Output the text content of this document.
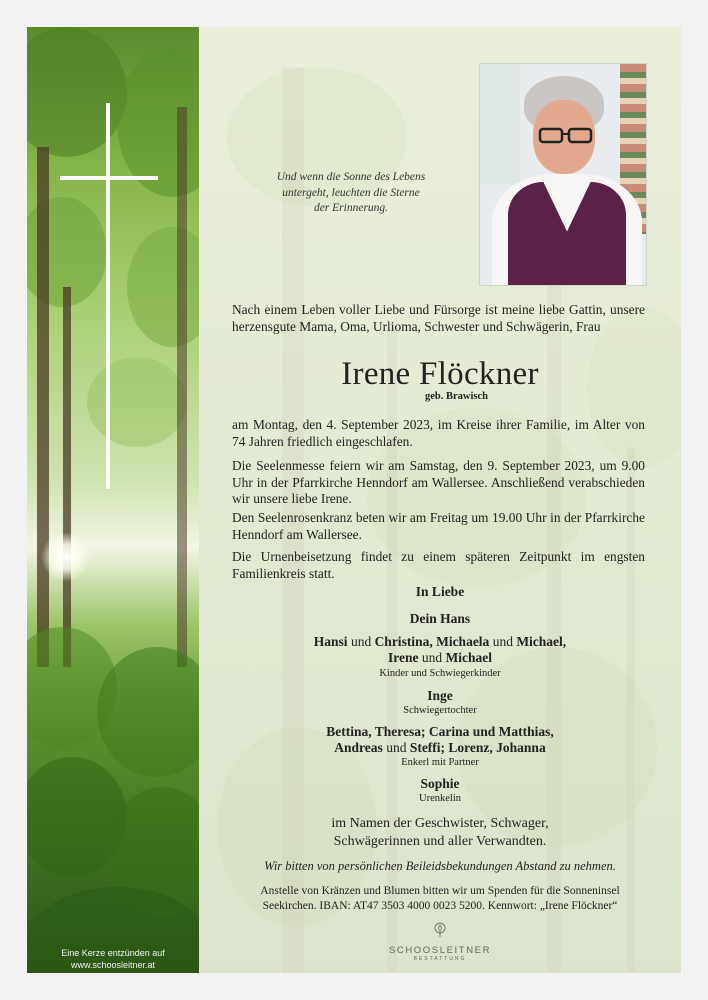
Eine Kerze entzünden auf
www.schoosleitner.at
Und wenn die Sonne des Lebens
untergeht, leuchten die Sterne
der Erinnerung.
Nach einem Leben voller Liebe und Fürsorge ist meine liebe Gattin, unsere herzensgute Mama, Oma, Urlioma, Schwester und Schwägerin, Frau
Irene Flöckner
geb. Brawisch
am Montag, den 4. September 2023, im Kreise ihrer Familie, im Alter von 74 Jahren friedlich eingeschlafen.
Die Seelenmesse feiern wir am Samstag, den 9. September 2023, um 9.00 Uhr in der Pfarrkirche Henndorf am Wallersee. Anschließend verabschieden wir unsere liebe Irene.
Den Seelenrosenkranz beten wir am Freitag um 19.00 Uhr in der Pfarrkirche Henndorf am Wallersee.
Die Urnenbeisetzung findet zu einem späteren Zeitpunkt im engsten Familienkreis statt.
In Liebe
Dein Hans
Hansi und Christina, Michaela und Michael,
Irene und Michael
Kinder und Schwiegerkinder
Inge
Schwiegertochter
Bettina, Theresa; Carina und Matthias,
Andreas und Steffi; Lorenz, Johanna
Enkerl mit Partner
Sophie
Urenkelin
im Namen der Geschwister, Schwager,
Schwägerinnen und aller Verwandten.
Wir bitten von persönlichen Beileidsbekundungen Abstand zu nehmen.
Anstelle von Kränzen und Blumen bitten wir um Spenden für die Sonneninsel
Seekirchen. IBAN: AT47 3503 4000 0023 5200. Kennwort: „Irene Flöckner“
SCHOOSLEITNER
BESTATTUNG
